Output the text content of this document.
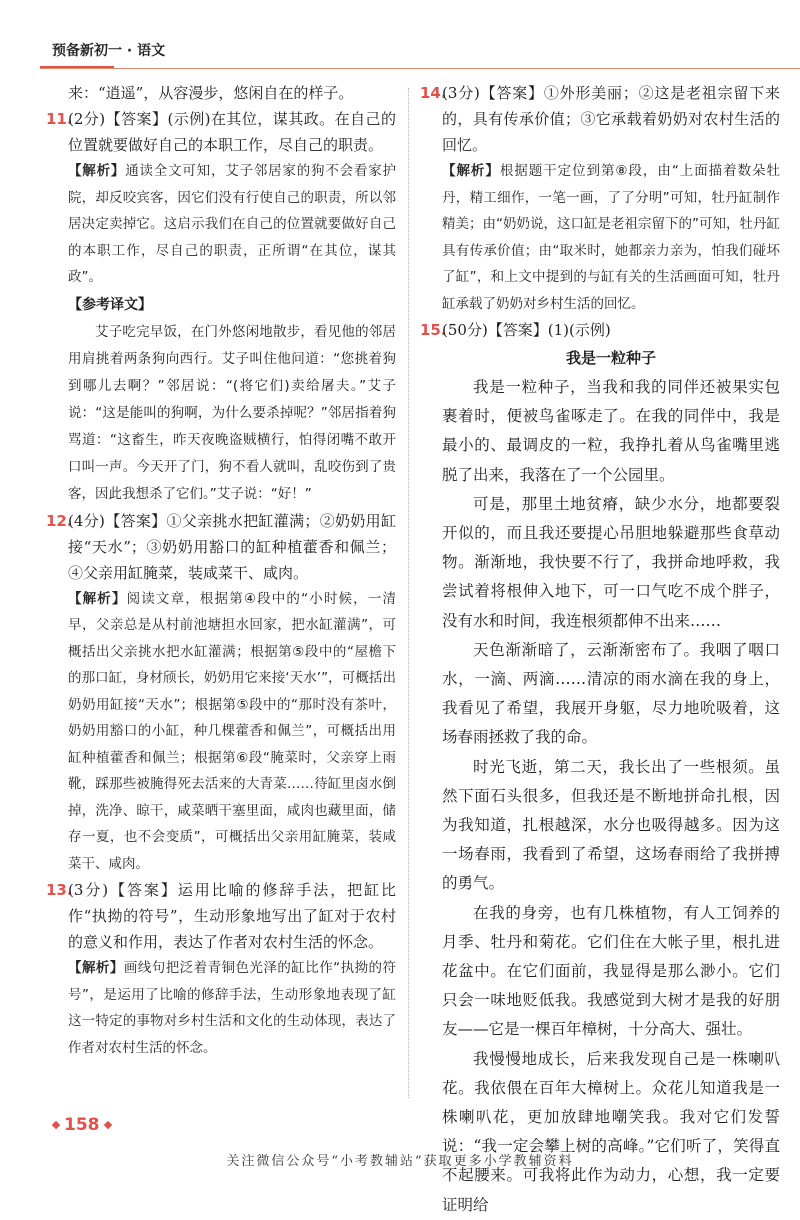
预备新初一 · 语文

来：“逍遥”，从容漫步，悠闲自在的样子。

11.(2分)【答案】(示例)在其位，谋其政。在自己的位置就要做好自己的本职工作，尽自己的职责。

【解析】通读全文可知，艾子邻居家的狗不会看家护院，却反咬宾客，因它们没有行使自己的职责，所以邻居决定卖掉它。这启示我们在自己的位置就要做好自己的本职工作，尽自己的职责，正所谓“在其位，谋其政”。

【参考译文】

艾子吃完早饭，在门外悠闲地散步，看见他的邻居用肩挑着两条狗向西行。艾子叫住他问道：“您挑着狗到哪儿去啊？”邻居说：“(将它们)卖给屠夫。”艾子说：“这是能叫的狗啊，为什么要杀掉呢？”邻居指着狗骂道：“这畜生，昨天夜晚盗贼横行，怕得闭嘴不敢开口叫一声。今天开了门，狗不看人就叫，乱咬伤到了贵客，因此我想杀了它们。”艾子说：“好！”

12.(4分)【答案】①父亲挑水把缸灌满；②奶奶用缸接“天水”；③奶奶用豁口的缸种植藿香和佩兰；④父亲用缸腌菜，装咸菜干、咸肉。

【解析】阅读文章，根据第④段中的“小时候，一清早，父亲总是从村前池塘担水回家，把水缸灌满”，可概括出父亲挑水把水缸灌满；根据第⑤段中的“屋檐下的那口缸，身材颀长，奶奶用它来接‘天水’”，可概括出奶奶用缸接“天水”；根据第⑤段中的“那时没有茶叶，奶奶用豁口的小缸，种几棵藿香和佩兰”，可概括出用缸种植藿香和佩兰；根据第⑥段“腌菜时，父亲穿上雨靴，踩那些被腌得死去活来的大青菜……待缸里卤水倒掉，洗净、晾干，咸菜晒干塞里面，咸肉也藏里面，储存一夏，也不会变质”，可概括出父亲用缸腌菜，装咸菜干、咸肉。

13.(3分)【答案】运用比喻的修辞手法，把缸比作“执拗的符号”，生动形象地写出了缸对于农村的意义和作用，表达了作者对农村生活的怀念。

【解析】画线句把泛着青铜色光泽的缸比作“执拗的符号”，是运用了比喻的修辞手法，生动形象地表现了缸这一特定的事物对乡村生活和文化的生动体现，表达了作者对农村生活的怀念。

14.(3分)【答案】①外形美丽；②这是老祖宗留下来的，具有传承价值；③它承载着奶奶对农村生活的回忆。

【解析】根据题干定位到第⑧段，由“上面描着数朵牡丹，精工细作，一笔一画，了了分明”可知，牡丹缸制作精美；由“奶奶说，这口缸是老祖宗留下的”可知，牡丹缸具有传承价值；由“取米时，她都亲力亲为，怕我们碰坏了缸”，和上文中提到的与缸有关的生活画面可知，牡丹缸承载了奶奶对乡村生活的回忆。

15.(50分)【答案】(1)(示例)

我是一粒种子

我是一粒种子，当我和我的同伴还被果实包裹着时，便被鸟雀啄走了。在我的同伴中，我是最小的、最调皮的一粒，我挣扎着从鸟雀嘴里逃脱了出来，我落在了一个公园里。

可是，那里土地贫瘠，缺少水分，地都要裂开似的，而且我还要提心吊胆地躲避那些食草动物。渐渐地，我快要不行了，我拼命地呼救，我尝试着将根伸入地下，可一口气吃不成个胖子，没有水和时间，我连根须都伸不出来……

天色渐渐暗了，云渐渐密布了。我咽了咽口水，一滴、两滴……清凉的雨水滴在我的身上，我看见了希望，我展开身躯，尽力地吮吸着，这场春雨拯救了我的命。

时光飞逝，第二天，我长出了一些根须。虽然下面石头很多，但我还是不断地拼命扎根，因为我知道，扎根越深，水分也吸得越多。因为这一场春雨，我看到了希望，这场春雨给了我拼搏的勇气。

在我的身旁，也有几株植物，有人工饲养的月季、牡丹和菊花。它们住在大帐子里，根扎进花盆中。在它们面前，我显得是那么渺小。它们只会一味地贬低我。我感觉到大树才是我的好朋友——它是一棵百年樟树，十分高大、强壮。

我慢慢地成长，后来我发现自己是一株喇叭花。我依偎在百年大樟树上。众花儿知道我是一株喇叭花，更加放肆地嘲笑我。我对它们发誓说：“我一定会攀上树的高峰。”它们听了，笑得直不起腰来。可我将此作为动力，心想，我一定要证明给

158
关注微信公众号“小考教辅站”获取更多小学教辅资料
